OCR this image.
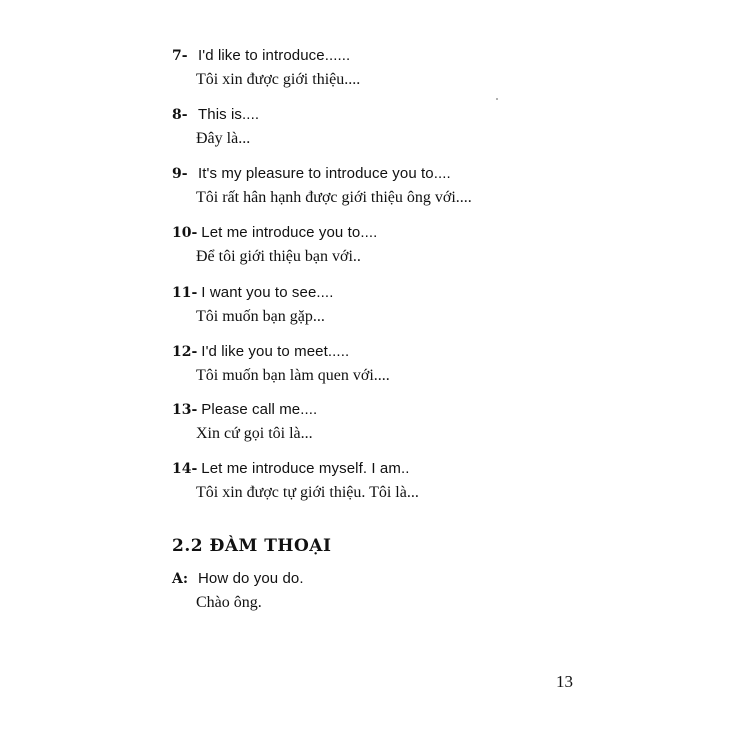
7- I'd like to introduce......
Tôi xin được giới thiệu....
8- This is....
Đây là...
9- It's my pleasure to introduce you to....
Tôi rất hân hạnh được giới thiệu ông với....
10- Let me introduce you to....
Để tôi giới thiệu bạn với..
11- I want you to see....
Tôi muốn bạn gặp...
12- I'd like you to meet.....
Tôi muốn bạn làm quen với....
13- Please call me....
Xin cứ gọi tôi là...
14- Let me introduce myself. I am..
Tôi xin được tự giới thiệu. Tôi là...
2.2 ĐÀM THOẠI
A: How do you do.
Chào ông.
13
